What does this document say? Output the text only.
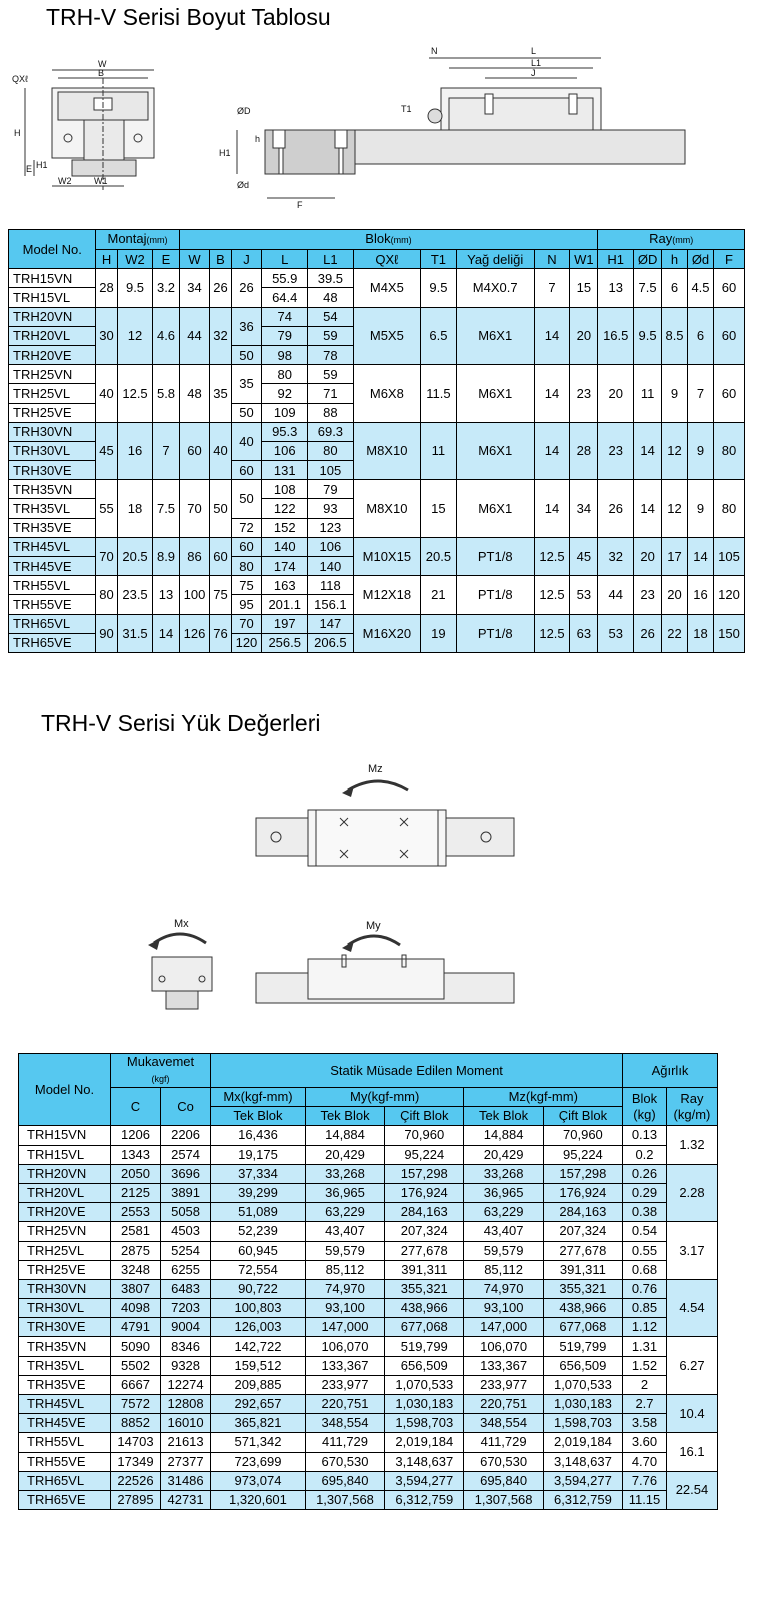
TRH-V Serisi Boyut Tablosu
QXℓ
W
B
H
H1
E
W2	W1
ØD	T1
h
H1
N	L
L1
J
Ød
F
Model No.	Montaj(mm)			Blok(mm)										Ray(mm)				
	H	W2	E	W	B	J	L	L1	QXℓ	T1	Yağ deliği	N	W1	H1	ØD	h	Ød	F
TRH15VN	28	9.5	3.2	34	26	26	55.9	39.5	M4X5	9.5	M4X0.7	7	15	13	7.5	6	4.5	60
TRH15VL							64.4	48										
TRH20VN	30	12	4.6	44	32	36	74	54	M5X5	6.5	M6X1	14	20	16.5	9.5	8.5	6	60
TRH20VL							79	59										
TRH20VE						50	98	78										
TRH25VN	40	12.5	5.8	48	35	35	80	59	M6X8	11.5	M6X1	14	23	20	11	9	7	60
TRH25VL							92	71										
TRH25VE						50	109	88										
TRH30VN	45	16	7	60	40	40	95.3	69.3	M8X10	11	M6X1	14	28	23	14	12	9	80
TRH30VL							106	80										
TRH30VE						60	131	105										
TRH35VN	55	18	7.5	70	50	50	108	79	M8X10	15	M6X1	14	34	26	14	12	9	80
TRH35VL							122	93										
TRH35VE						72	152	123										
TRH45VL	70	20.5	8.9	86	60	60	140	106	M10X15	20.5	PT1/8	12.5	45	32	20	17	14	105
TRH45VE						80	174	140										
TRH55VL	80	23.5	13	100	75	75	163	118	M12X18	21	PT1/8	12.5	53	44	23	20	16	120
TRH55VE						95	201.1	156.1										
TRH65VL	90	31.5	14	126	76	70	197	147	M16X20	19	PT1/8	12.5	63	53	26	22	18	150
TRH65VE						120	256.5	206.5										
TRH-V Serisi Yük Değerleri
Mz
Mx	My
Model No.	Mukavemet
(kgf)		Statik Müsade Edilen Moment					Ağırlık	
	C	Co	Mx(kgf-mm)	My(kgf-mm)		Mz(kgf-mm)		Blok
(kg)	Ray
(kg/m)
			Tek Blok	Tek Blok	Çift Blok	Tek Blok	Çift Blok		
TRH15VN	1206	2206	16,436	14,884	70,960	14,884	70,960	0.13	1.32
TRH15VL	1343	2574	19,175	20,429	95,224	20,429	95,224	0.2	
TRH20VN	2050	3696	37,334	33,268	157,298	33,268	157,298	0.26	2.28
TRH20VL	2125	3891	39,299	36,965	176,924	36,965	176,924	0.29	
TRH20VE	2553	5058	51,089	63,229	284,163	63,229	284,163	0.38	
TRH25VN	2581	4503	52,239	43,407	207,324	43,407	207,324	0.54	3.17
TRH25VL	2875	5254	60,945	59,579	277,678	59,579	277,678	0.55	
TRH25VE	3248	6255	72,554	85,112	391,311	85,112	391,311	0.68	
TRH30VN	3807	6483	90,722	74,970	355,321	74,970	355,321	0.76	4.54
TRH30VL	4098	7203	100,803	93,100	438,966	93,100	438,966	0.85	
TRH30VE	4791	9004	126,003	147,000	677,068	147,000	677,068	1.12	
TRH35VN	5090	8346	142,722	106,070	519,799	106,070	519,799	1.31	6.27
TRH35VL	5502	9328	159,512	133,367	656,509	133,367	656,509	1.52	
TRH35VE	6667	12274	209,885	233,977	1,070,533	233,977	1,070,533	2	
TRH45VL	7572	12808	292,657	220,751	1,030,183	220,751	1,030,183	2.7	10.4
TRH45VE	8852	16010	365,821	348,554	1,598,703	348,554	1,598,703	3.58	
TRH55VL	14703	21613	571,342	411,729	2,019,184	411,729	2,019,184	3.60	16.1
TRH55VE	17349	27377	723,699	670,530	3,148,637	670,530	3,148,637	4.70	
TRH65VL	22526	31486	973,074	695,840	3,594,277	695,840	3,594,277	7.76	22.54
TRH65VE	27895	42731	1,320,601	1,307,568	6,312,759	1,307,568	6,312,759	11.15	
